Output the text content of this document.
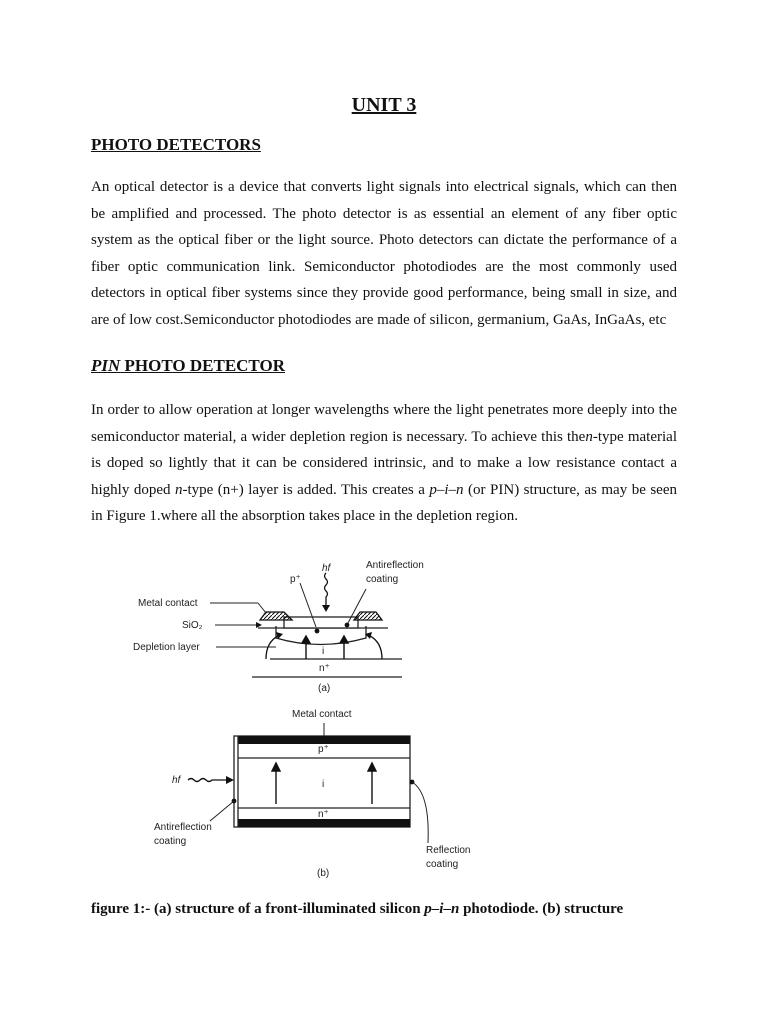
UNIT 3
PHOTO DETECTORS

An optical detector is a device that converts light signals into electrical signals, which can then be amplified and processed. The photo detector is as essential an element of any fiber optic system as the optical fiber or the light source. Photo detectors can dictate the performance of a fiber optic communication link. Semiconductor photodiodes are the most commonly used detectors in optical fiber systems since they provide good performance, being small in size, and are of low cost.Semiconductor photodiodes are made of silicon, germanium, GaAs, InGaAs, etc

PIN PHOTO DETECTOR

In order to allow operation at longer wavelengths where the light penetrates more deeply into the semiconductor material, a wider depletion region is necessary. To achieve this then-type material is doped so lightly that it can be considered intrinsic, and to make a low resistance contact a highly doped n-type (n+) layer is added. This creates a p–i–n (or PIN) structure, as may be seen in Figure 1.where all the absorption takes place in the depletion region.

hf
p⁺
Antireflection
coating
Metal contact
SiO₂
Depletion layer	i
n⁺
(a)
Metal contact
p⁺
i
n⁺
hf
Antireflection
coating
Reflection
coating
(b)
figure 1:- (a) structure of a front-illuminated silicon p–i–n photodiode. (b) structure
